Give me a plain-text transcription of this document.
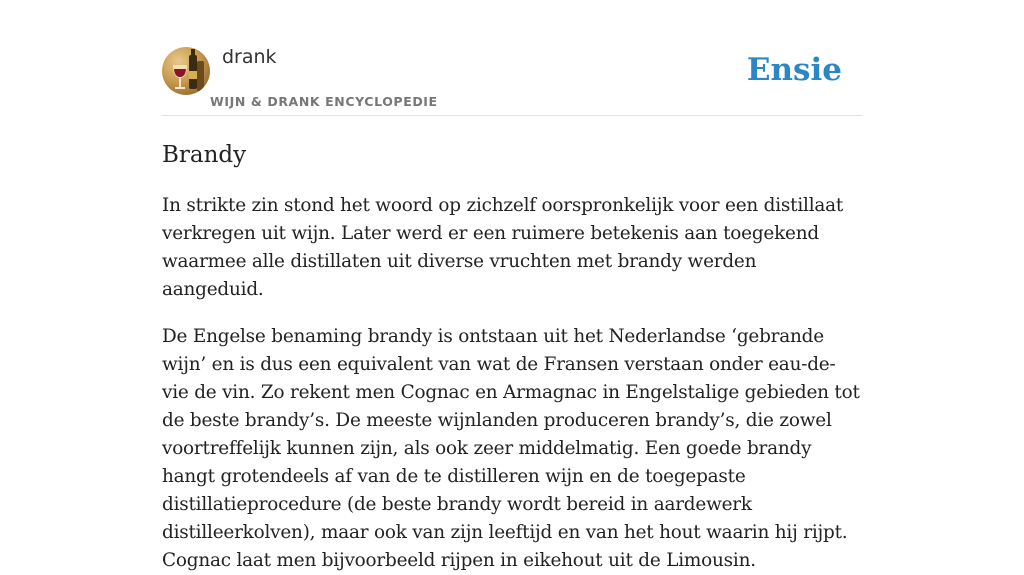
drank
WIJN & DRANK ENCYCLOPEDIE
Ensie
Brandy

In strikte zin stond het woord op zichzelf oorspronkelijk voor een distillaat verkregen uit wijn. Later werd er een ruimere betekenis aan toegekend waarmee alle distillaten uit diverse vruchten met brandy werden aangeduid.

De Engelse benaming brandy is ontstaan uit het Nederlandse ‘gebrande wijn’ en is dus een equivalent van wat de Fransen verstaan onder eau-de-vie de vin. Zo rekent men Cognac en Armagnac in Engelstalige gebieden tot de beste brandy’s. De meeste wijnlanden produceren brandy’s, die zowel voortreffelijk kunnen zijn, als ook zeer middelmatig. Een goede brandy hangt grotendeels af van de te distilleren wijn en de toegepaste distillatieprocedure (de beste brandy wordt bereid in aardewerk distilleerkolven), maar ook van zijn leeftijd en van het hout waarin hij rijpt. Cognac laat men bijvoorbeeld rijpen in eikehout uit de Limousin.
